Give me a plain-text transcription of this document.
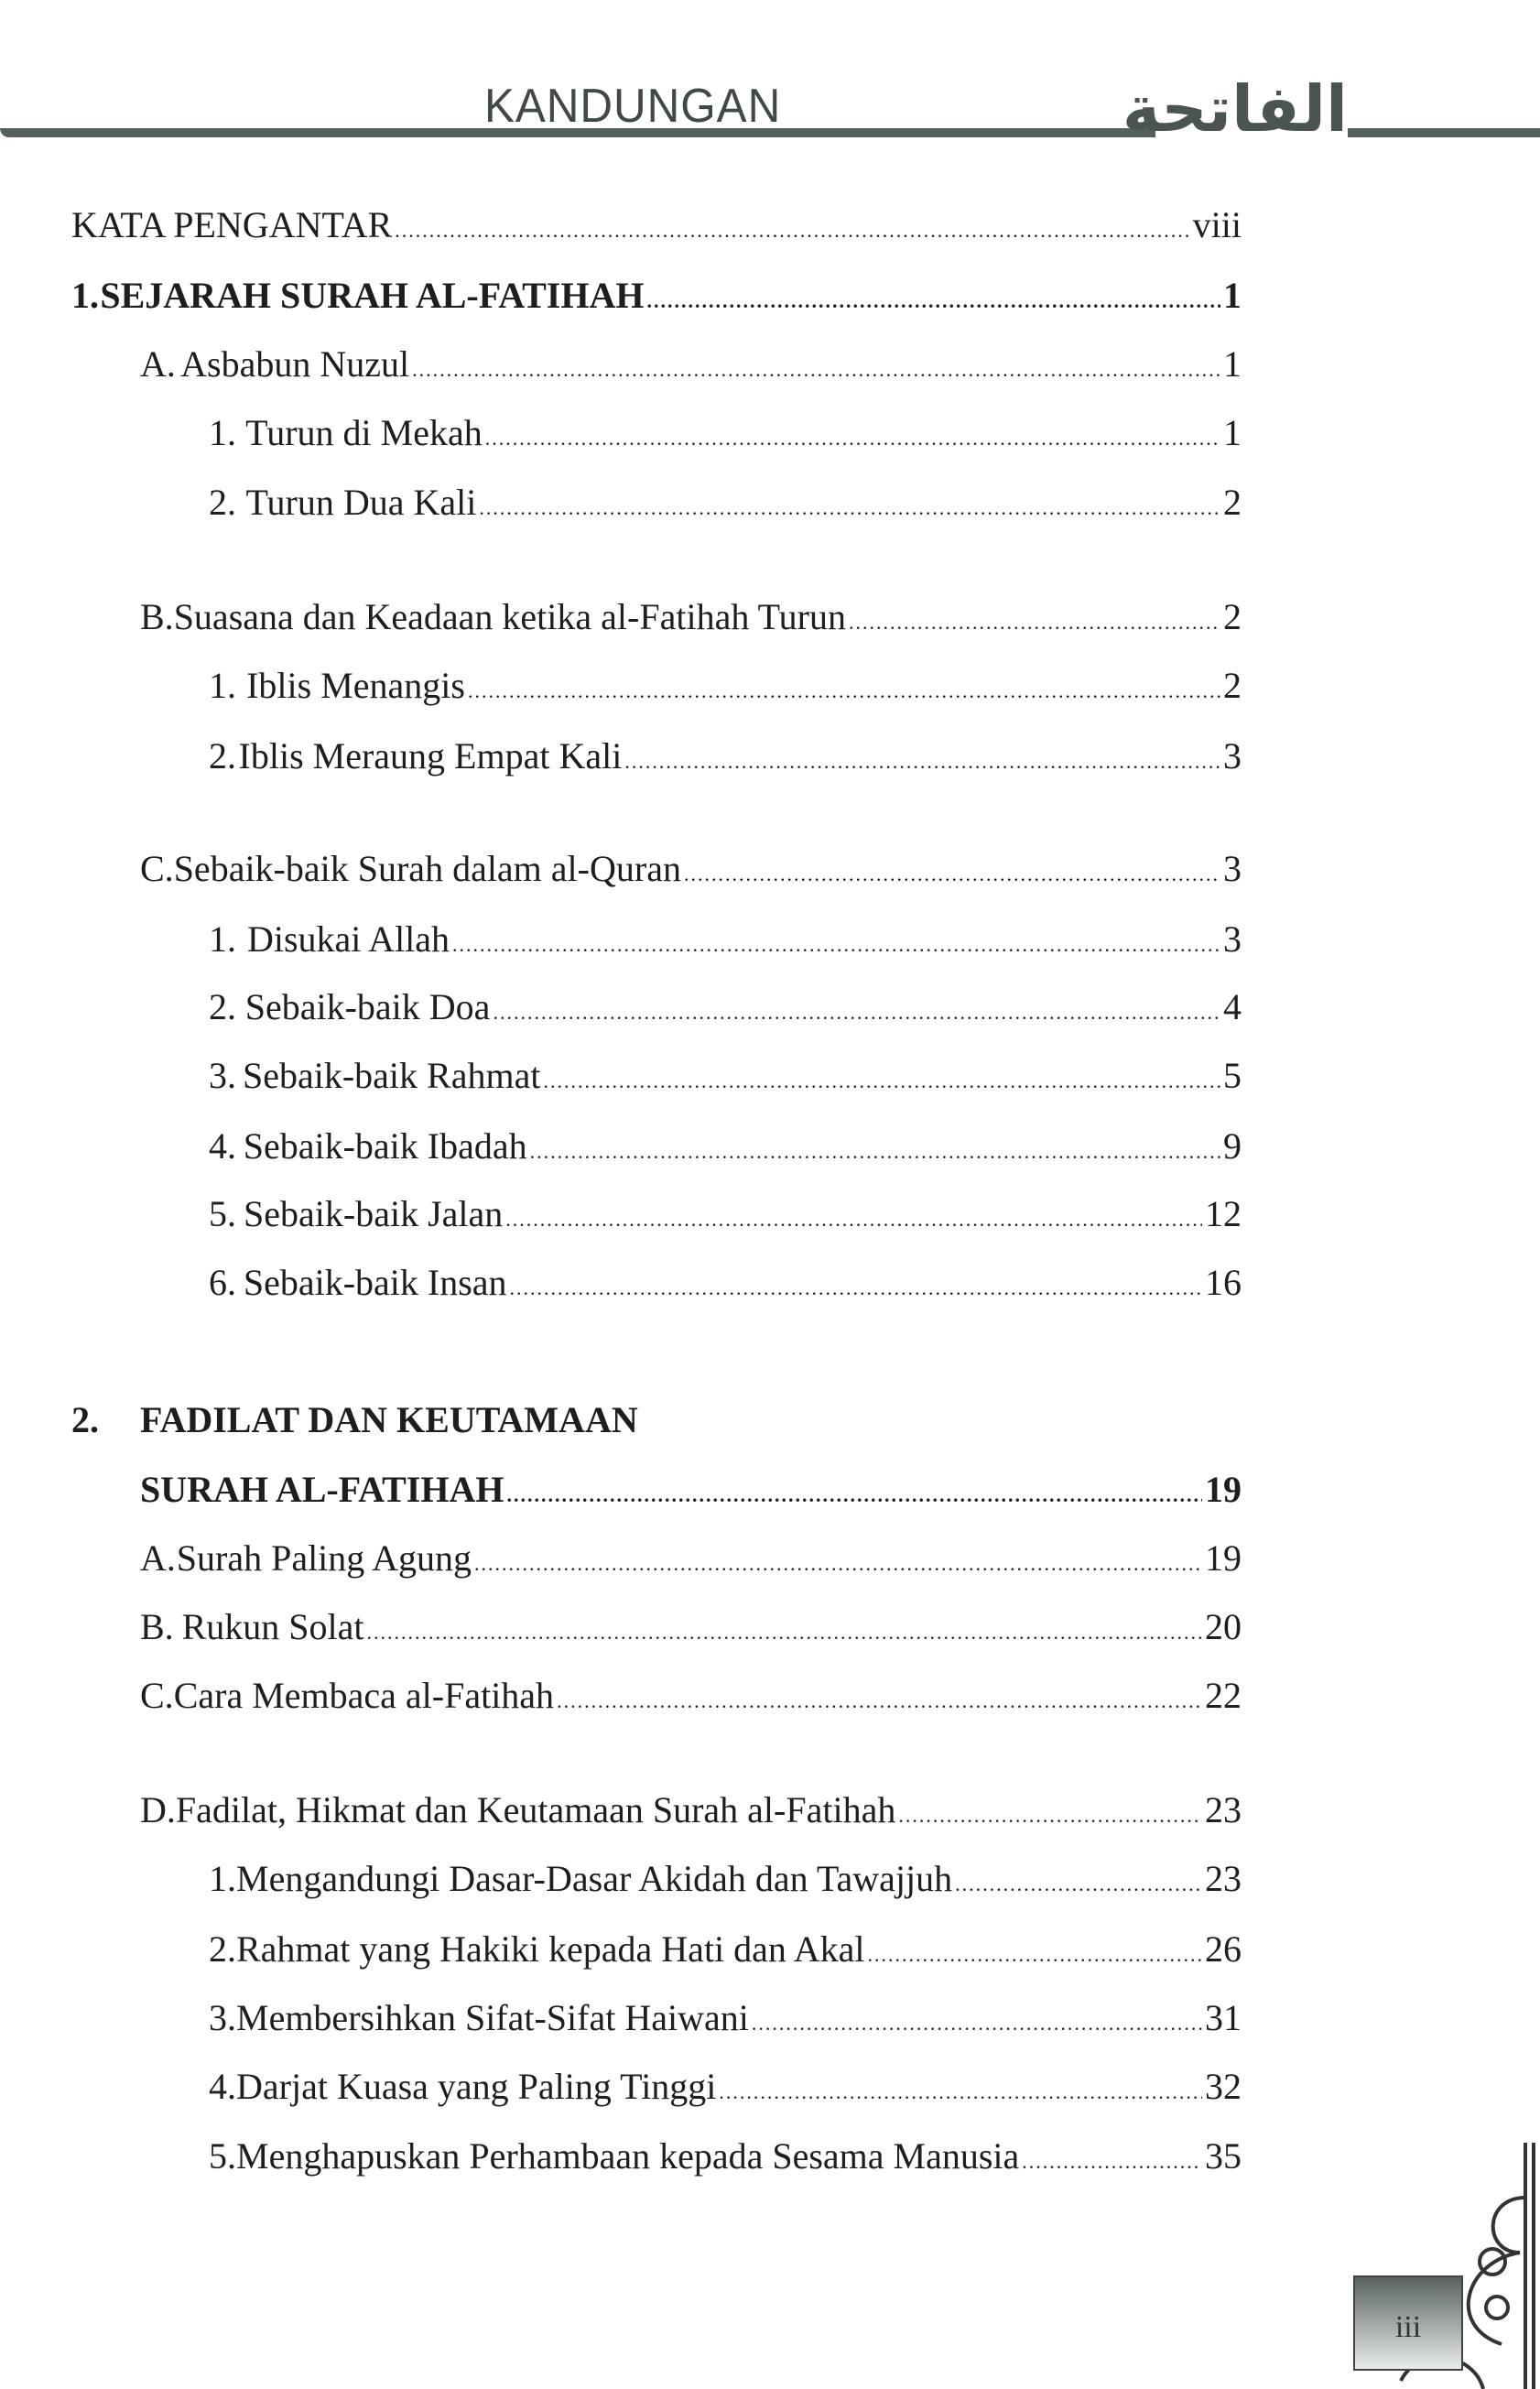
KANDUNGAN	الفاتحة
KATA PENGANTAR .....	viii
1. SEJARAH SURAH AL-FATIHAH .....	1
A. Asbabun Nuzul .....	1
1. Turun di Mekah .....	1
2. Turun Dua Kali .....	2
B. Suasana dan Keadaan ketika al-Fatihah Turun .....	2
1. Iblis Menangis .....	2
2. Iblis Meraung Empat Kali .....	3
C. Sebaik-baik Surah dalam al-Quran .....	3
1. Disukai Allah .....	3
2. Sebaik-baik Doa .....	4
3. Sebaik-baik Rahmat .....	5
4. Sebaik-baik Ibadah .....	9
5. Sebaik-baik Jalan .....	12
6. Sebaik-baik Insan .....	16
2.	FADILAT DAN KEUTAMAAN
SURAH AL-FATIHAH .....	19
A. Surah Paling Agung .....	19
B. Rukun Solat .....	20
C. Cara Membaca al-Fatihah .....	22
D. Fadilat, Hikmat dan Keutamaan Surah al-Fatihah .....	23
1. Mengandungi Dasar-Dasar Akidah dan Tawajjuh .....	23
2. Rahmat yang Hakiki kepada Hati dan Akal .....	26
3. Membersihkan Sifat-Sifat Haiwani .....	31
4. Darjat Kuasa yang Paling Tinggi .....	32
5. Menghapuskan Perhambaan kepada Sesama Manusia .....	35
iii
